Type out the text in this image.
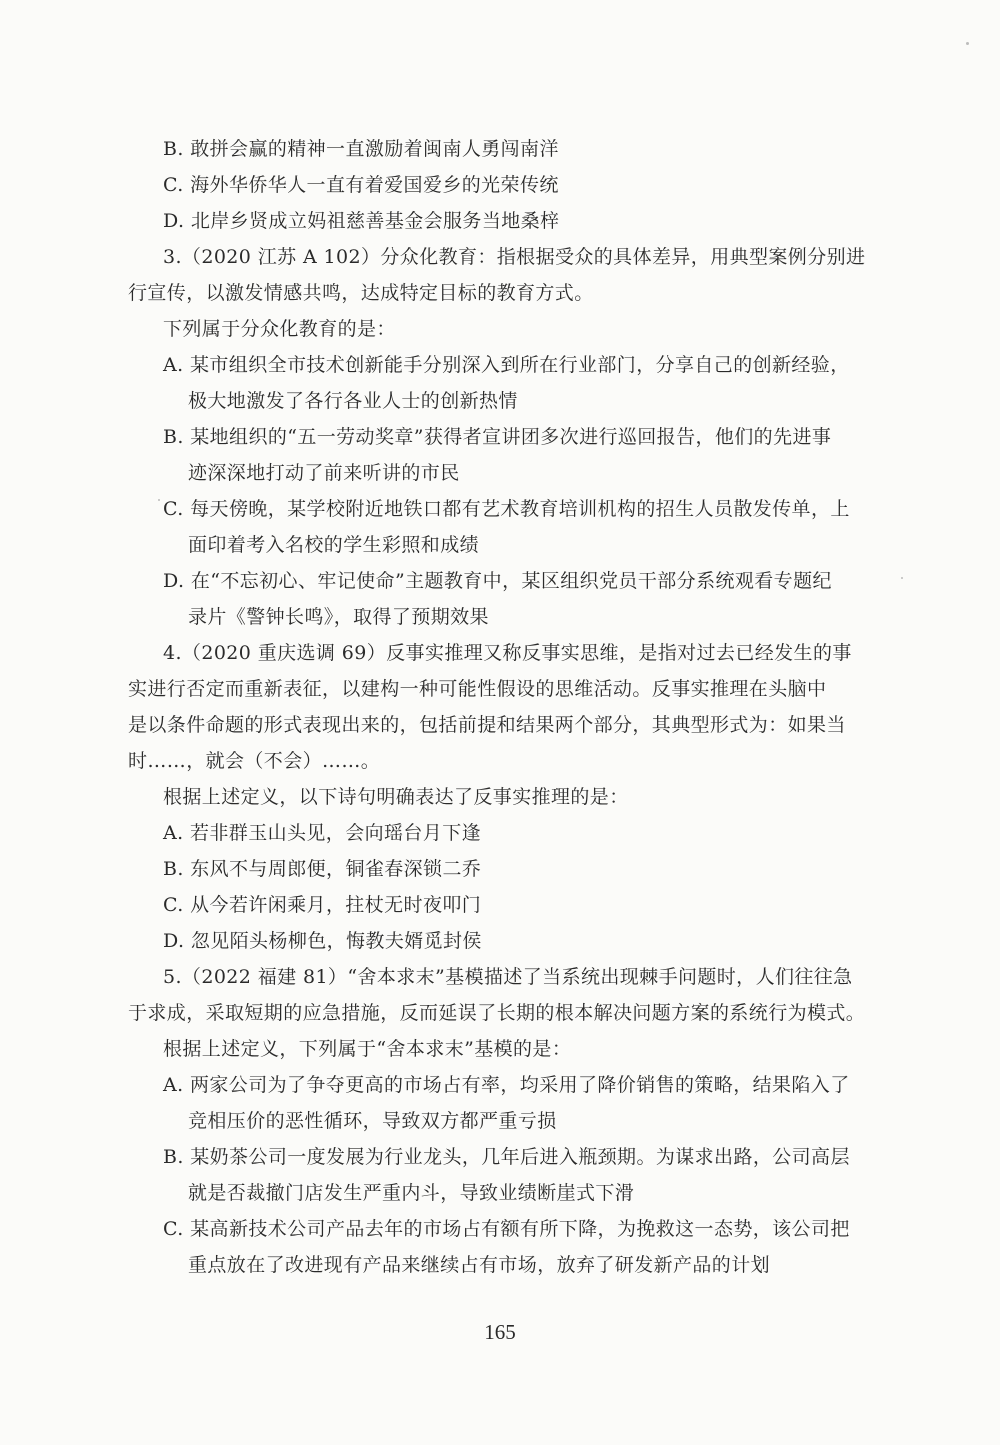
B. 敢拼会赢的精神一直激励着闽南人勇闯南洋
C. 海外华侨华人一直有着爱国爱乡的光荣传统
D. 北岸乡贤成立妈祖慈善基金会服务当地桑梓
3.（2020 江苏 A 102）分众化教育：指根据受众的具体差异，用典型案例分别进
行宣传，以激发情感共鸣，达成特定目标的教育方式。
下列属于分众化教育的是：
A. 某市组织全市技术创新能手分别深入到所在行业部门，分享自己的创新经验，
极大地激发了各行各业人士的创新热情
B. 某地组织的“五一劳动奖章”获得者宣讲团多次进行巡回报告，他们的先进事
迹深深地打动了前来听讲的市民
C. 每天傍晚，某学校附近地铁口都有艺术教育培训机构的招生人员散发传单，上
面印着考入名校的学生彩照和成绩
D. 在“不忘初心、牢记使命”主题教育中，某区组织党员干部分系统观看专题纪
录片《警钟长鸣》，取得了预期效果
4.（2020 重庆选调 69）反事实推理又称反事实思维，是指对过去已经发生的事
实进行否定而重新表征，以建构一种可能性假设的思维活动。反事实推理在头脑中
是以条件命题的形式表现出来的，包括前提和结果两个部分，其典型形式为：如果当
时……，就会（不会）……。
根据上述定义，以下诗句明确表达了反事实推理的是：
A. 若非群玉山头见，会向瑶台月下逢
B. 东风不与周郎便，铜雀春深锁二乔
C. 从今若许闲乘月，拄杖无时夜叩门
D. 忽见陌头杨柳色，悔教夫婿觅封侯
5.（2022 福建 81）“舍本求末”基模描述了当系统出现棘手问题时，人们往往急
于求成，采取短期的应急措施，反而延误了长期的根本解决问题方案的系统行为模式。
根据上述定义，下列属于“舍本求末”基模的是：
A. 两家公司为了争夺更高的市场占有率，均采用了降价销售的策略，结果陷入了
竞相压价的恶性循环，导致双方都严重亏损
B. 某奶茶公司一度发展为行业龙头，几年后进入瓶颈期。为谋求出路，公司高层
就是否裁撤门店发生严重内斗，导致业绩断崖式下滑
C. 某高新技术公司产品去年的市场占有额有所下降，为挽救这一态势，该公司把
重点放在了改进现有产品来继续占有市场，放弃了研发新产品的计划
165
